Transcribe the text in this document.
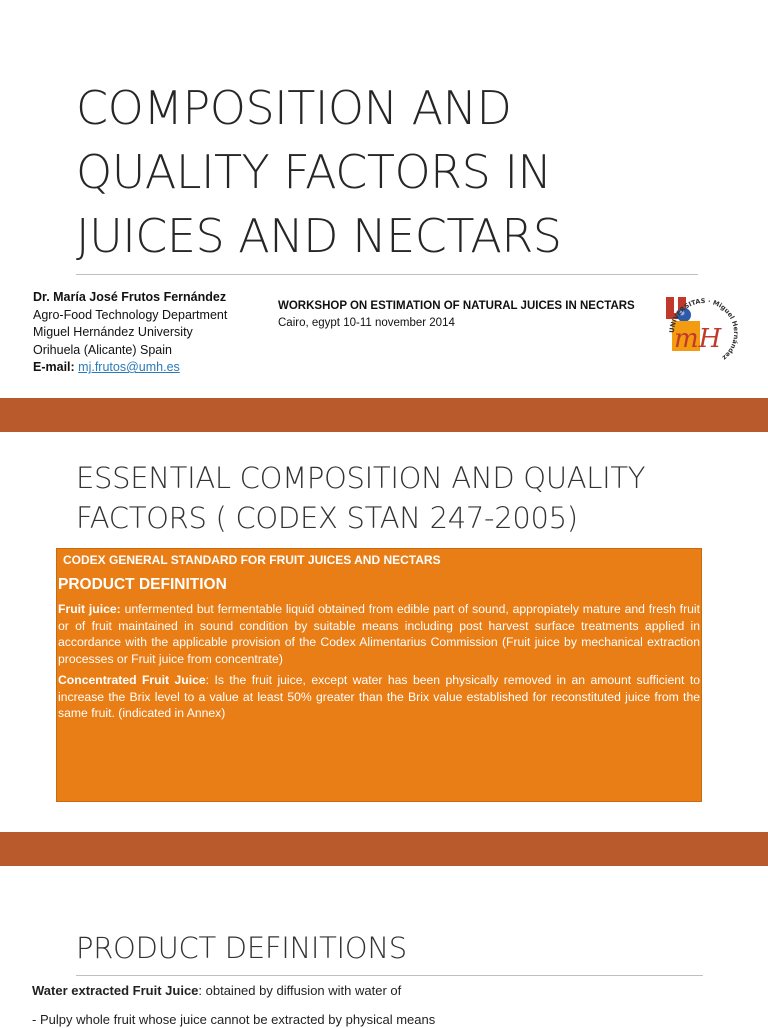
COMPOSITION AND
QUALITY FACTORS IN
JUICES AND NECTARS
Dr. María José Frutos Fernández
Agro-Food Technology Department
Miguel Hernández University
Orihuela (Alicante) Spain
E-mail: mj.frutos@umh.es
WORKSHOP ON ESTIMATION OF NATURAL JUICES IN NECTARS
Cairo, egypt 10-11 november 2014
mH
UNIVERSITAS · Miguel Hernández
ESSENTIAL COMPOSITION AND QUALITY
FACTORS ( CODEX STAN 247-2005)
CODEX GENERAL STANDARD FOR FRUIT JUICES AND NECTARS
PRODUCT DEFINITION

Fruit juice: unfermented but fermentable liquid obtained from edible part of sound, appropiately mature and fresh fruit or of fruit maintained in sound condition by suitable means including post harvest surface treatments applied in accordance with the applicable provision of the Codex Alimentarius Commission (Fruit juice by mechanical extraction processes or Fruit juice from concentrate)

Concentrated Fruit Juice: Is the fruit juice, except water has been physically removed in an amount sufficient to increase the Brix level to a value at least 50% greater than the Brix value established for reconstituted juice from the same fruit. (indicated in Annex)

PRODUCT DEFINITIONS
Water extracted Fruit Juice: obtained by diffusion with water of
- Pulpy whole fruit whose juice cannot be extracted by physical means
